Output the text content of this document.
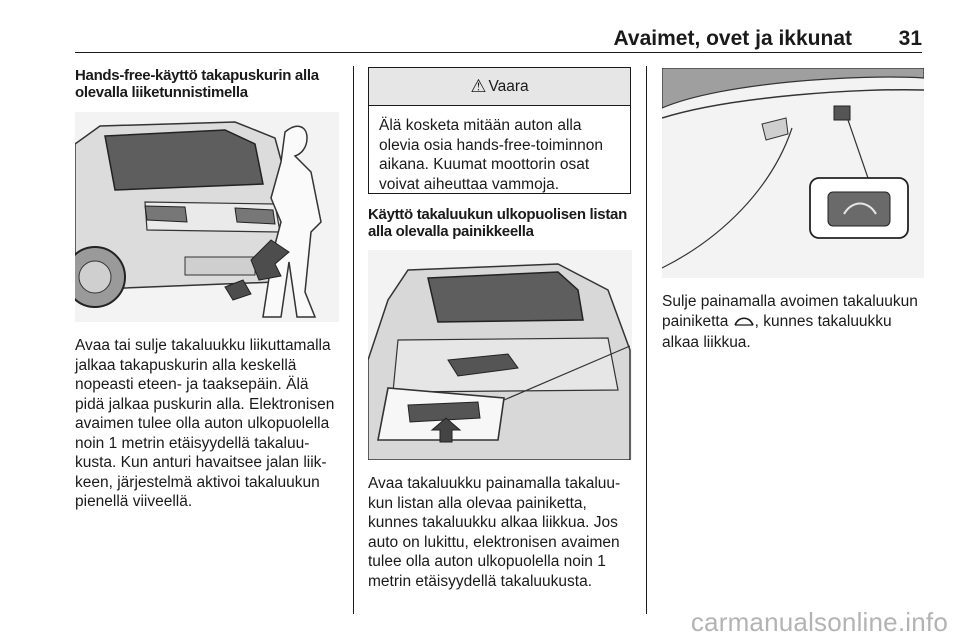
Avaimet, ovet ja ikkunat 31
Hands-free-käyttö takapuskurin alla olevalla liiketunnistimella
Avaa tai sulje takaluukku liikuttamalla jalkaa takapuskurin alla keskellä nopeasti eteen- ja taaksepäin. Älä pidä jalkaa puskurin alla. Elektronisen avaimen tulee olla auton ulkopuolella noin 1 metrin etäisyydellä takaluukusta. Kun anturi havaitsee jalan liikkeen, järjestelmä aktivoi takaluukun pienellä viiveellä.
⚠ Vaara
Älä kosketa mitään auton alla olevia osia hands-free-toiminnon aikana. Kuumat moottorin osat voivat aiheuttaa vammoja.
Käyttö takaluukun ulkopuolisen listan alla olevalla painikkeella
Avaa takaluukku painamalla takaluukun listan alla olevaa painiketta, kunnes takaluukku alkaa liikkua. Jos auto on lukittu, elektronisen avaimen tulee olla auton ulkopuolella noin 1 metrin etäisyydellä takaluukusta.
Sulje painamalla avoimen takaluukun painiketta , kunnes takaluukku alkaa liikkua.
carmanualsonline.info
